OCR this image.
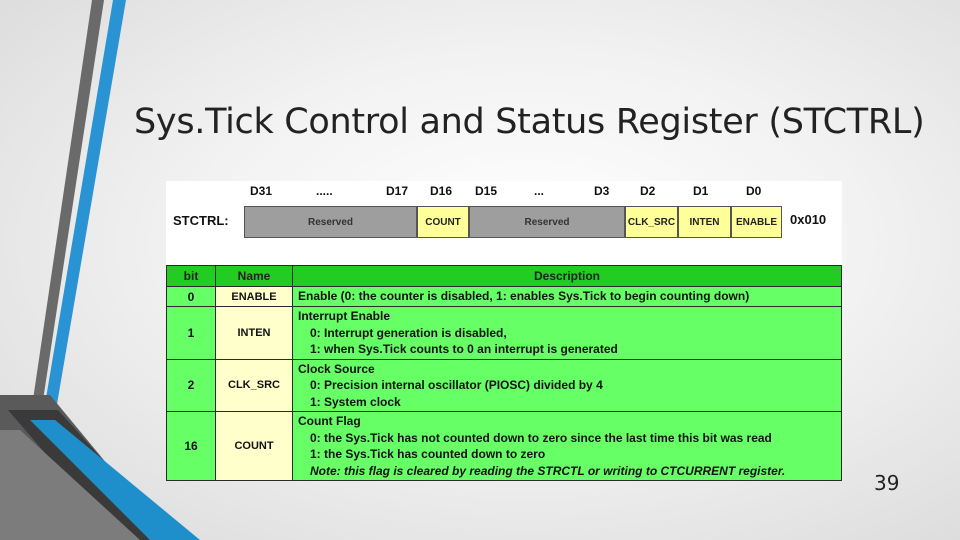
Sys.Tick Control and Status Register (STCTRL)
STCTRL:
D31	.....	D17 D16 D15	...	D3	D2	D1	D0
Reserved	COUNT	Reserved	CLK_SRC	INTEN	ENABLE 0x010
bit	Name	Description
0	ENABLE	Enable (0: the counter is disabled, 1: enables Sys.Tick to begin counting down)

1	INTEN	Interrupt Enable
0: Interrupt generation is disabled,
1: when Sys.Tick counts to 0 an interrupt is generated

2	CLK_SRC	Clock Source
0: Precision internal oscillator (PIOSC) divided by 4
1: System clock

16	COUNT	Count Flag
0: the Sys.Tick has not counted down to zero since the last time this bit was read
1: the Sys.Tick has counted down to zero
Note: this flag is cleared by reading the STRCTL or writing to CTCURRENT register.
39
